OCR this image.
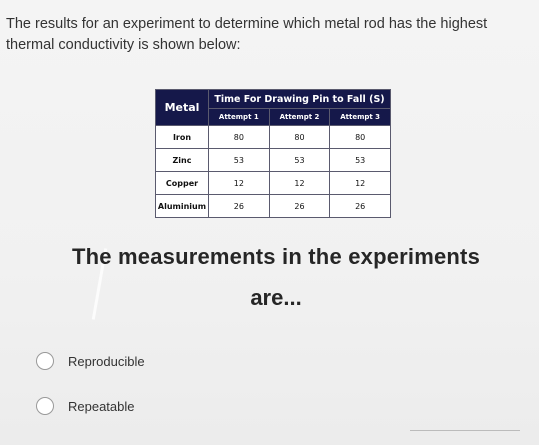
The results for an experiment to determine which metal rod has the highest thermal conductivity is shown below:
Metal	Time For Drawing Pin to Fall (S)		
	Attempt 1	Attempt 2	Attempt 3
Iron	80	80	80
Zinc	53	53	53
Copper	12	12	12
Aluminium	26	26	26
The measurements in the experiments
are...
Reproducible
Repeatable
